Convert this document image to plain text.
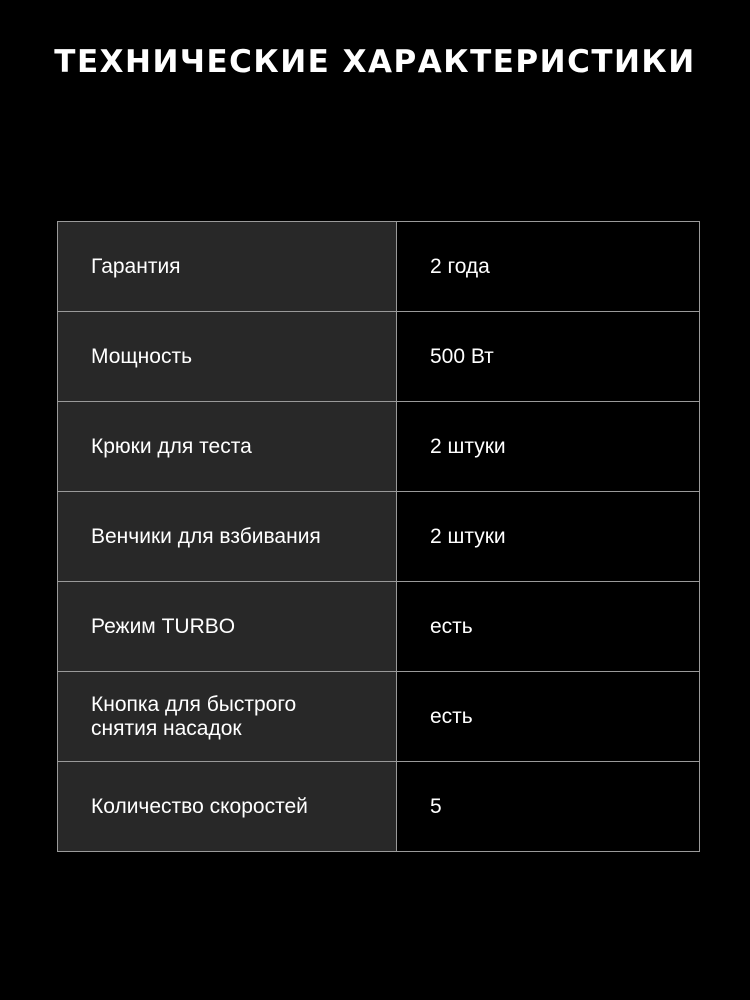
ТЕХНИЧЕСКИЕ ХАРАКТЕРИСТИКИ
Гарантия	2 года
Мощность	500 Вт
Крюки для теста	2 штуки
Венчики для взбивания	2 штуки
Режим TURBO	есть
Кнопка для быстрого
снятия насадок	есть
Количество скоростей	5
